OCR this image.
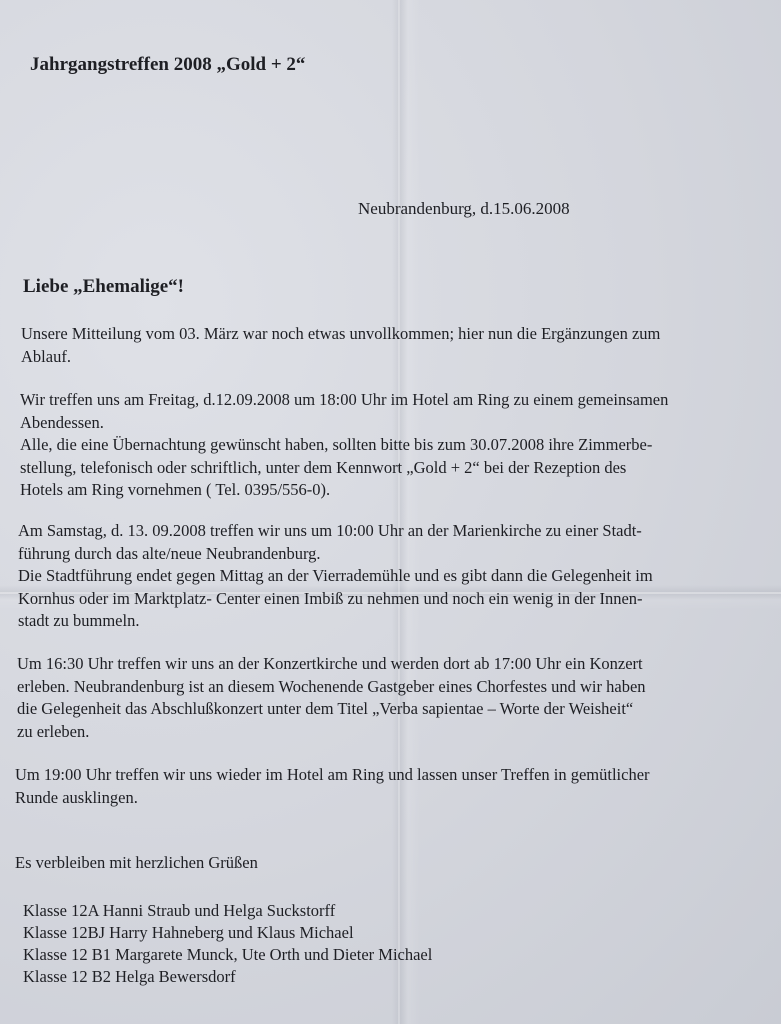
Jahrgangstreffen 2008 „Gold + 2“
Neubrandenburg, d.15.06.2008
Liebe „Ehemalige“!

Unsere Mitteilung vom 03. März war noch etwas unvollkommen; hier nun die Ergänzungen zum
Ablauf.

Wir treffen uns am Freitag, d.12.09.2008 um 18:00 Uhr im Hotel am Ring zu einem gemeinsamen
Abendessen.
Alle, die eine Übernachtung gewünscht haben, sollten bitte bis zum 30.07.2008 ihre Zimmerbe-
stellung, telefonisch oder schriftlich, unter dem Kennwort „Gold + 2“ bei der Rezeption des
Hotels am Ring vornehmen ( Tel. 0395/556-0).

Am Samstag, d. 13. 09.2008 treffen wir uns um 10:00 Uhr an der Marienkirche zu einer Stadt-
führung durch das alte/neue Neubrandenburg.
Die Stadtführung endet gegen Mittag an der Vierrademühle und es gibt dann die Gelegenheit im
Kornhus oder im Marktplatz- Center einen Imbiß zu nehmen und noch ein wenig in der Innen-
stadt zu bummeln.

Um 16:30 Uhr treffen wir uns an der Konzertkirche und werden dort ab 17:00 Uhr ein Konzert
erleben. Neubrandenburg ist an diesem Wochenende Gastgeber eines Chorfestes und wir haben
die Gelegenheit das Abschlußkonzert unter dem Titel „Verba sapientae – Worte der Weisheit“
zu erleben.

Um 19:00 Uhr treffen wir uns wieder im Hotel am Ring und lassen unser Treffen in gemütlicher
Runde ausklingen.

Es verbleiben mit herzlichen Grüßen
Klasse 12A Hanni Straub und Helga Suckstorff
Klasse 12BJ Harry Hahneberg und Klaus Michael
Klasse 12 B1 Margarete Munck, Ute Orth und Dieter Michael
Klasse 12 B2 Helga Bewersdorf
